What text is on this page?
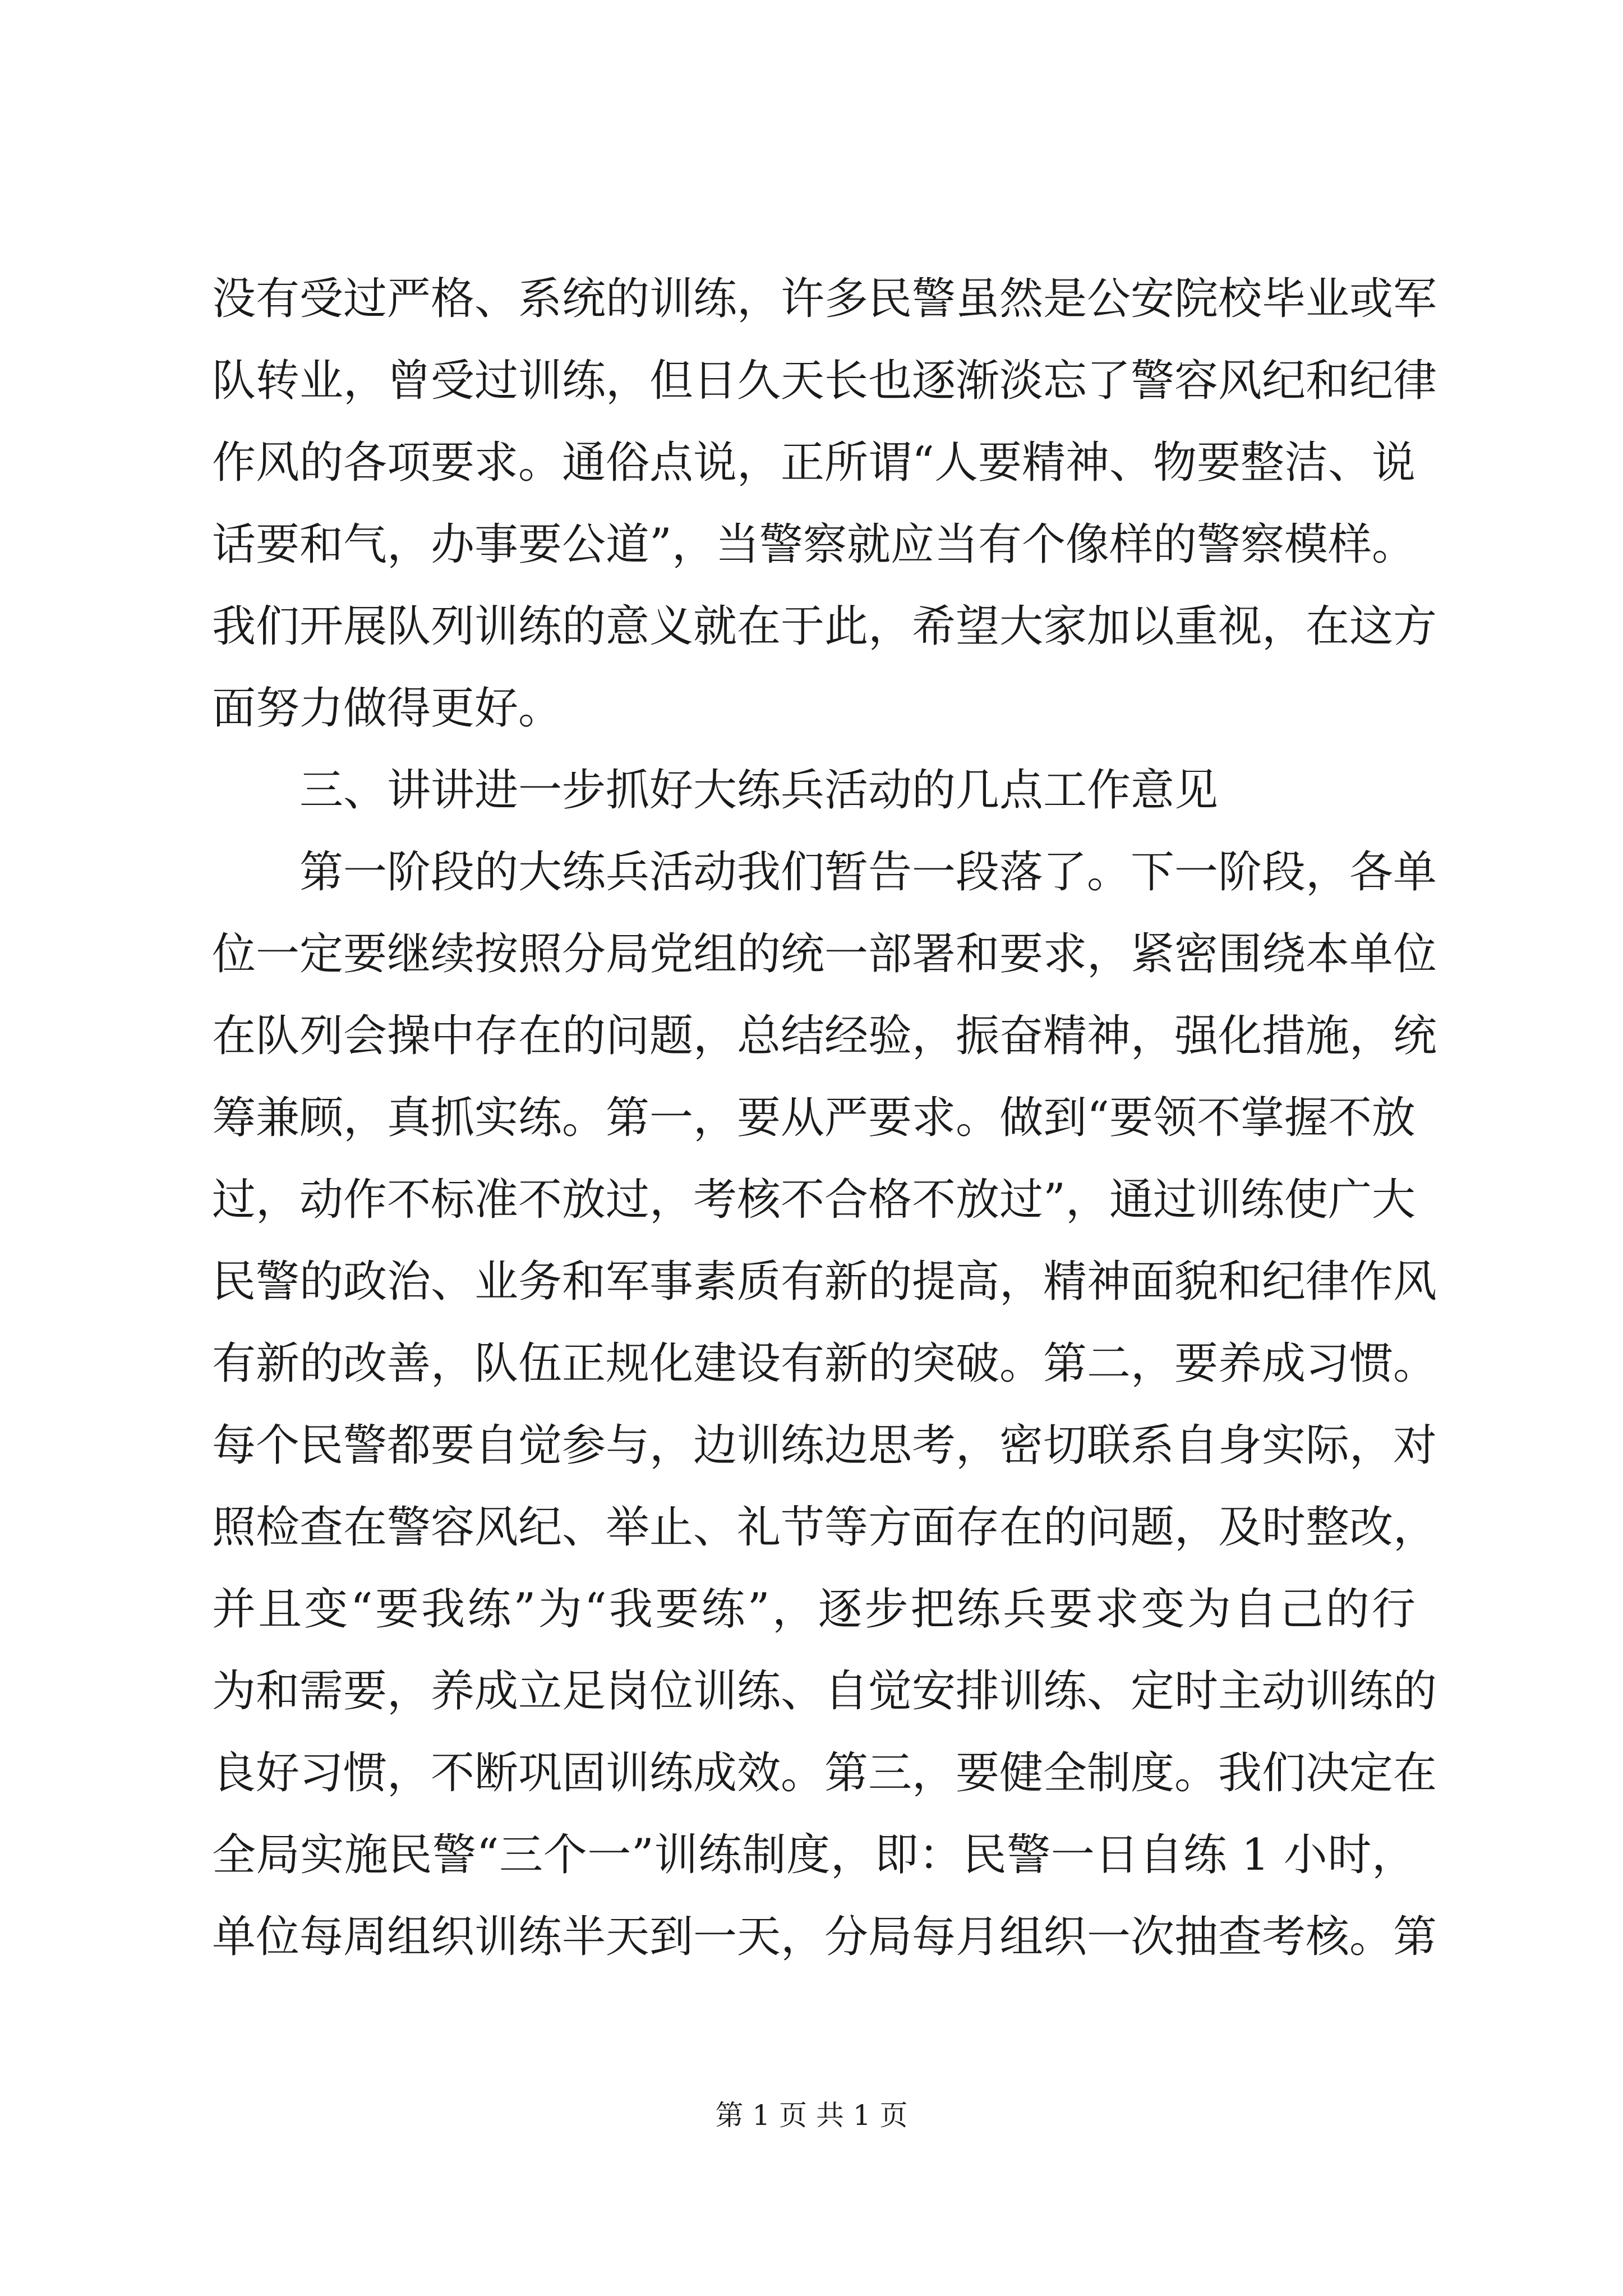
没有受过严格、系统的训练，许多民警虽然是公安院校毕业或军
队转业，曾受过训练，但日久天长也逐渐淡忘了警容风纪和纪律
作风的各项要求。通俗点说，正所谓“人要精神、物要整洁、说
话要和气，办事要公道”，当警察就应当有个像样的警察模样。
我们开展队列训练的意义就在于此，希望大家加以重视，在这方
面努力做得更好。
三、讲讲进一步抓好大练兵活动的几点工作意见
第一阶段的大练兵活动我们暂告一段落了。下一阶段，各单
位一定要继续按照分局党组的统一部署和要求，紧密围绕本单位
在队列会操中存在的问题，总结经验，振奋精神，强化措施，统
筹兼顾，真抓实练。第一，要从严要求。做到“要领不掌握不放
过，动作不标准不放过，考核不合格不放过”，通过训练使广大
民警的政治、业务和军事素质有新的提高，精神面貌和纪律作风
有新的改善，队伍正规化建设有新的突破。第二，要养成习惯。
每个民警都要自觉参与，边训练边思考，密切联系自身实际，对
照检查在警容风纪、举止、礼节等方面存在的问题，及时整改，
并且变“要我练”为“我要练”，逐步把练兵要求变为自己的行
为和需要，养成立足岗位训练、自觉安排训练、定时主动训练的
良好习惯，不断巩固训练成效。第三，要健全制度。我们决定在
全局实施民警“三个一”训练制度，即：民警一日自练 1 小时，
单位每周组织训练半天到一天，分局每月组织一次抽查考核。第
第 1 页 共 1 页
